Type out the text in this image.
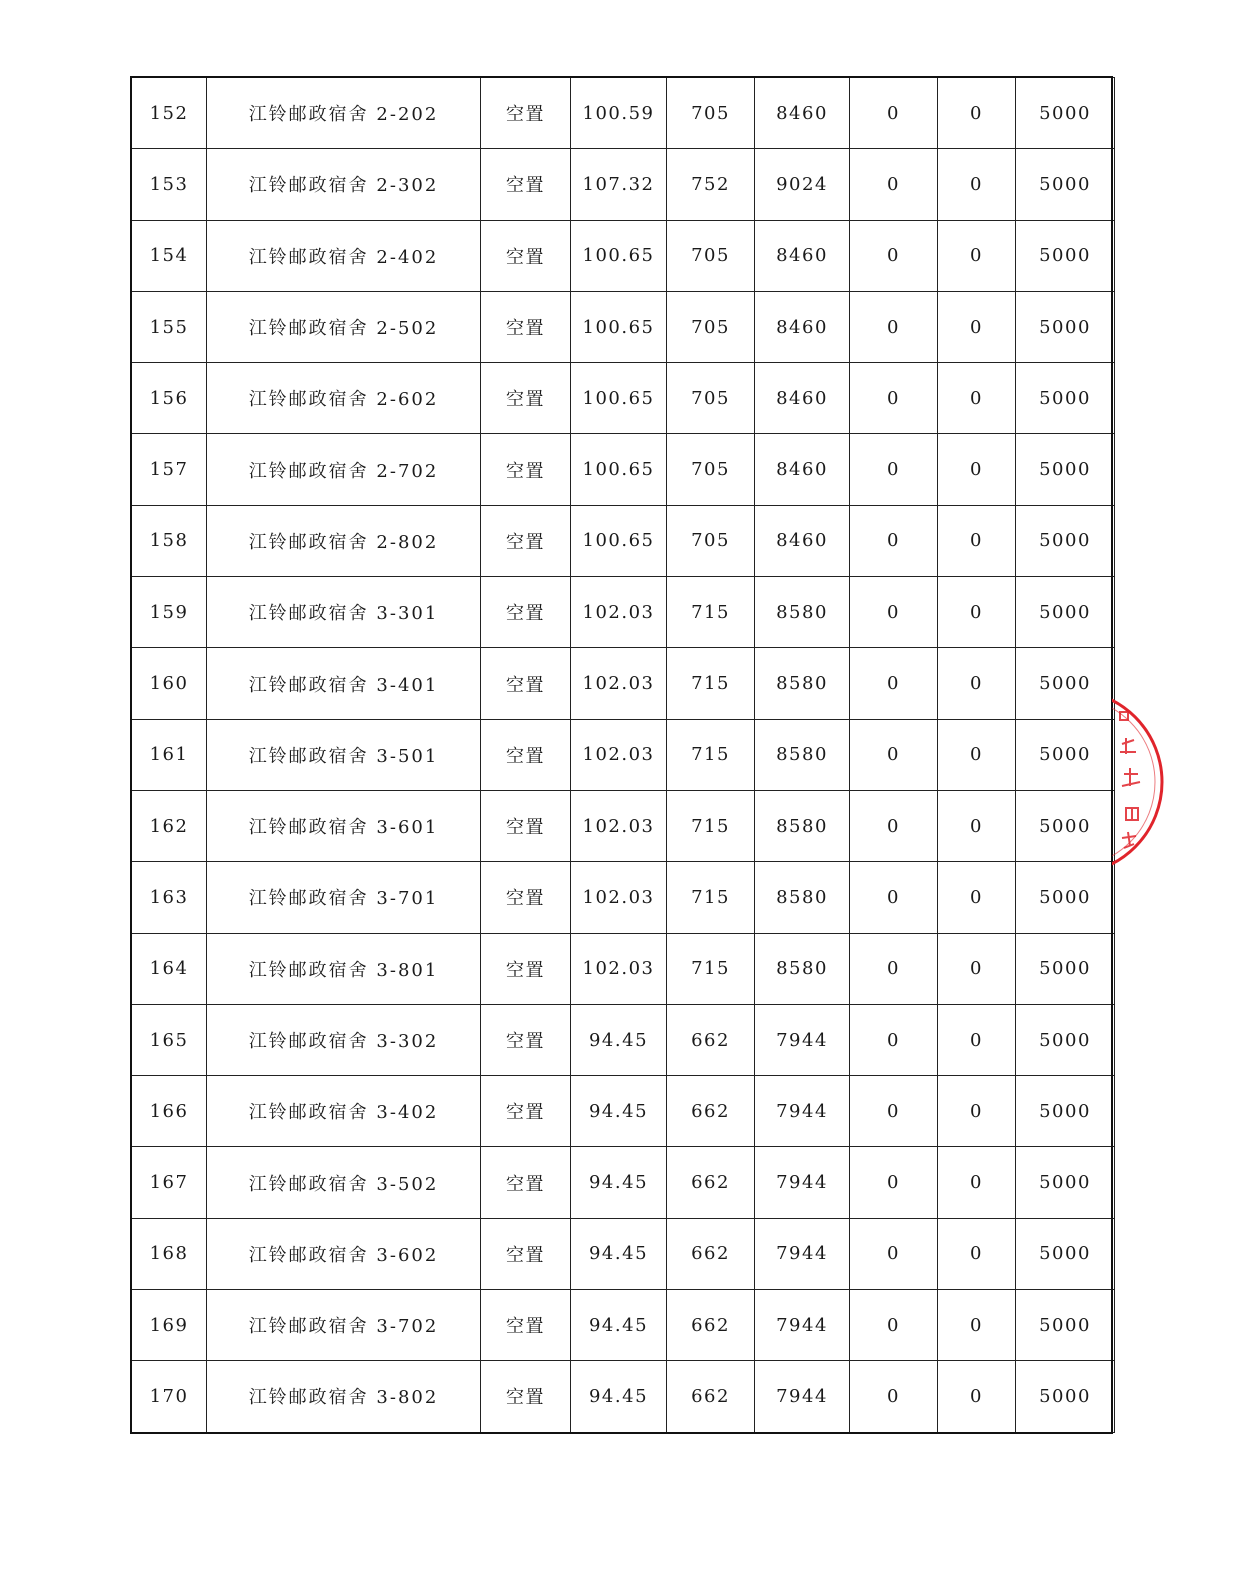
152	江铃邮政宿舍 2-202	空置	100.59	705	8460	0	0	5000
153	江铃邮政宿舍 2-302	空置	107.32	752	9024	0	0	5000
154	江铃邮政宿舍 2-402	空置	100.65	705	8460	0	0	5000
155	江铃邮政宿舍 2-502	空置	100.65	705	8460	0	0	5000
156	江铃邮政宿舍 2-602	空置	100.65	705	8460	0	0	5000
157	江铃邮政宿舍 2-702	空置	100.65	705	8460	0	0	5000
158	江铃邮政宿舍 2-802	空置	100.65	705	8460	0	0	5000
159	江铃邮政宿舍 3-301	空置	102.03	715	8580	0	0	5000
160	江铃邮政宿舍 3-401	空置	102.03	715	8580	0	0	5000
161	江铃邮政宿舍 3-501	空置	102.03	715	8580	0	0	5000
162	江铃邮政宿舍 3-601	空置	102.03	715	8580	0	0	5000
163	江铃邮政宿舍 3-701	空置	102.03	715	8580	0	0	5000
164	江铃邮政宿舍 3-801	空置	102.03	715	8580	0	0	5000
165	江铃邮政宿舍 3-302	空置	94.45	662	7944	0	0	5000
166	江铃邮政宿舍 3-402	空置	94.45	662	7944	0	0	5000
167	江铃邮政宿舍 3-502	空置	94.45	662	7944	0	0	5000
168	江铃邮政宿舍 3-602	空置	94.45	662	7944	0	0	5000
169	江铃邮政宿舍 3-702	空置	94.45	662	7944	0	0	5000
170	江铃邮政宿舍 3-802	空置	94.45	662	7944	0	0	5000
